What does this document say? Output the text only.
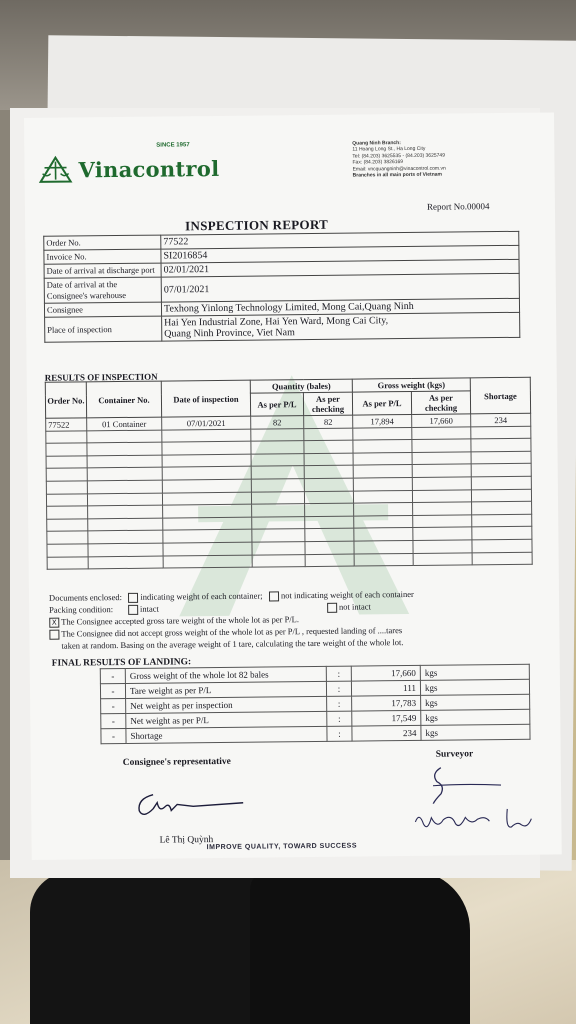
Vinacontrol
SINCE 1957	Quang Ninh Branch:
11 Hoang Long St., Ha Long City
Tel: (84.203) 3625535 - (84.203) 3625749
Fax: (84.203) 3826169
Email: vncquangninh@vinacontrol.com.vn
Branches in all main ports of Vietnam
Report No.00004
INSPECTION REPORT
Order No.	77522
Invoice No.	SI2016854
Date of arrival at discharge port	02/01/2021
Date of arrival at the Consignee's warehouse	07/01/2021
Consignee	Texhong Yinlong Technology Limited, Mong Cai,Quang Ninh
Place of inspection	Hai Yen Industrial Zone, Hai Yen Ward, Mong Cai City,
Quang Ninh Province, Viet Nam
RESULTS OF INSPECTION
Order No.	Container No.	Date of inspection	Quantity (bales)		Gross weight (kgs)		Shortage
			As per P/L	As per checking	As per P/L	As per checking	
77522	01 Container	07/01/2021	82	82	17,894	17,660	234

Documents enclosed: indicating weight of each container; not indicating weight of each container
Packing condition:	intact	not intact
X The Consignee accepted gross tare weight of the whole lot as per P/L.
The Consignee did not accept gross weight of the whole lot as per P/L , requested landing of ....tares
taken at random. Basing on the average weight of 1 tare, calculating the tare weight of the whole lot.
FINAL RESULTS OF LANDING:
-	Gross weight of the whole lot 82 bales	:	17,660	kgs
-	Tare weight as per P/L	:	111	kgs
-	Net weight as per inspection	:	17,783	kgs
-	Net weight as per P/L	:	17,549	kgs
-	Shortage	:	234	kgs
Consignee's representative
Surveyor
Lê Thị Quỳnh
IMPROVE QUALITY, TOWARD SUCCESS
